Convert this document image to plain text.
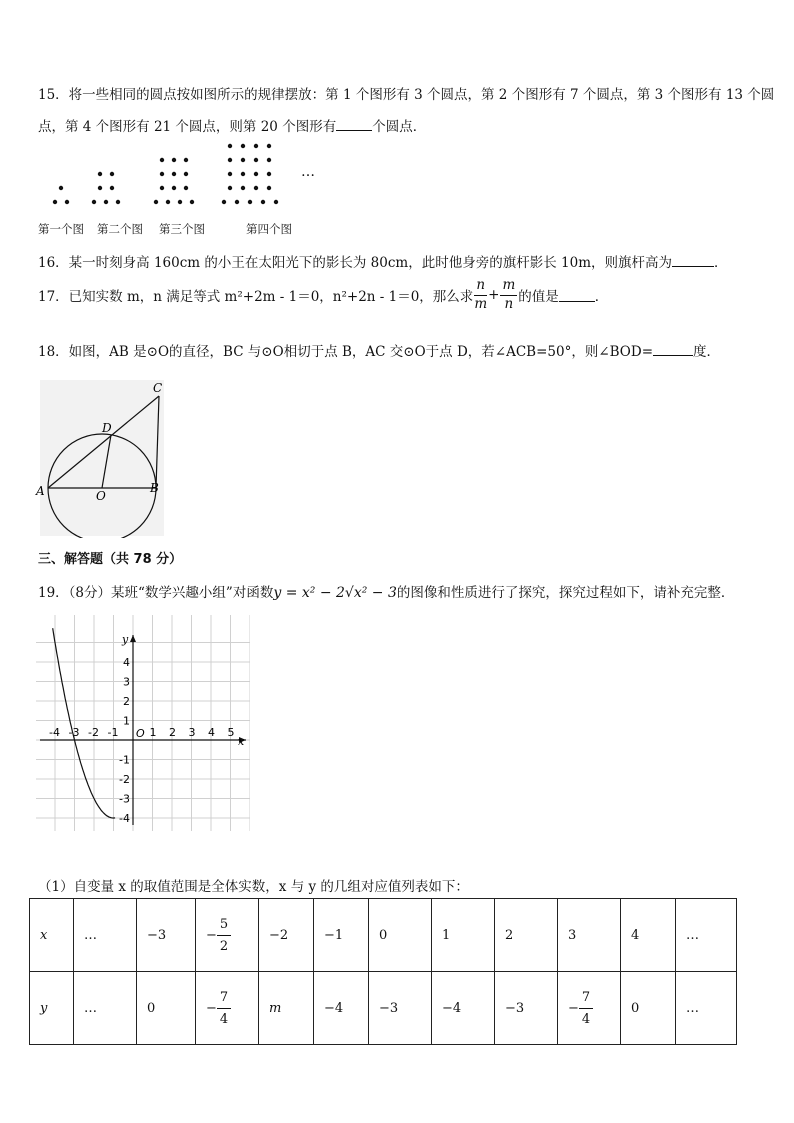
15．将一些相同的圆点按如图所示的规律摆放：第 1 个图形有 3 个圆点，第 2 个图形有 7 个圆点，第 3 个图形有 13 个圆
点，第 4 个图形有 21 个圆点，则第 20 个图形有	个圆点．
…
第一个图 第二个图 第三个图	第四个图
16．某一时刻身高 160cm 的小王在太阳光下的影长为 80cm，此时他身旁的旗杆影长 10m，则旗杆高为	．
17．已知实数 m，n 满足等式 m²+2m - 1＝0，n²+2n - 1＝0，那么求 $\frac{n}{m} + \frac{m}{n}$ 的值是	．
18．如图，AB 是⊙O的直径，BC 与⊙O相切于点 B，AC 交⊙O于点 D，若∠ACB=50°，则∠BOD=	度．
A	B
C
D
O
三、解答题（共 78 分）
19．（8分）某班“数学兴趣小组”对函数y = x² − 2√x² − 3的图像和性质进行了探究，探究过程如下，请补充完整．
x
y
-4 -3 -2 -1 O 1 2 3 4 5
4
3
2
1
-1
-2
-3
-4
（1）自变量 x 的取值范围是全体实数，x 与 y 的几组对应值列表如下：
x	…	−3	− $\frac{5}{2}$	−2	−1	0	1	2	3	4	…
y	…	0	− $\frac{7}{4}$	m	−4	−3	−4	−3	− $\frac{7}{4}$	0	…
